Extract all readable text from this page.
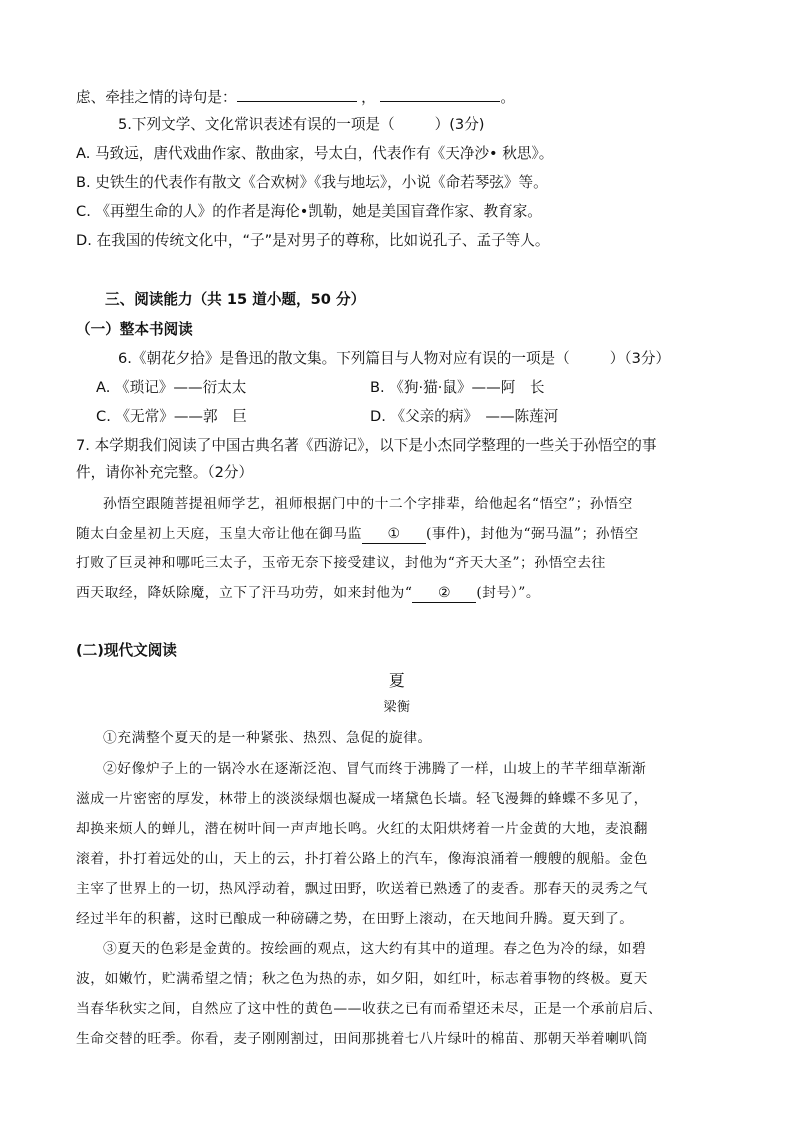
虑、牵挂之情的诗句是：	，	。
5.下列文学、文化常识表述有误的一项是（	）(3分)
A. 马致远，唐代戏曲作家、散曲家，号太白，代表作有《天净沙• 秋思》。
B. 史铁生的代表作有散文《合欢树》《我与地坛》，小说《命若琴弦》等。
C. 《再塑生命的人》的作者是海伦•凯勒，她是美国盲聋作家、教育家。
D. 在我国的传统文化中，“子”是对男子的尊称，比如说孔子、孟子等人。
三、阅读能力（共 15 道小题，50 分）
（一）整本书阅读
6.《朝花夕拾》是鲁迅的散文集。下列篇目与人物对应有误的一项是（	）（3分）
A. 《琐记》——衍太太	B. 《狗·猫·鼠》——阿　长
C. 《无常》——郭　巨	D. 《父亲的病》　——陈莲河
7. 本学期我们阅读了中国古典名著《西游记》，以下是小杰同学整理的一些关于孙悟空的事
件，请你补充完整。（2分）
孙悟空跟随菩提祖师学艺，祖师根据门中的十二个字排辈，给他起名“悟空”；孙悟空
随太白金星初上天庭，玉皇大帝让他在御马监 ① (事件)，封他为“弼马温”；孙悟空
打败了巨灵神和哪吒三太子，玉帝无奈下接受建议，封他为“齐天大圣”；孙悟空去往
西天取经，降妖除魔，立下了汗马功劳，如来封他为“ ② (封号）”。
(二)现代文阅读
夏
梁衡
①充满整个夏天的是一种紧张、热烈、急促的旋律。
②好像炉子上的一锅冷水在逐渐泛泡、冒气而终于沸腾了一样，山坡上的芊芊细草渐渐
滋成一片密密的厚发，林带上的淡淡绿烟也凝成一堵黛色长墙。轻飞漫舞的蜂蝶不多见了，
却换来烦人的蝉儿，潜在树叶间一声声地长鸣。火红的太阳烘烤着一片金黄的大地，麦浪翻
滚着，扑打着远处的山，天上的云，扑打着公路上的汽车，像海浪涌着一艘艘的舰船。金色
主宰了世界上的一切，热风浮动着，飘过田野，吹送着已熟透了的麦香。那春天的灵秀之气
经过半年的积蓄，这时已酿成一种磅礴之势，在田野上滚动，在天地间升腾。夏天到了。
③夏天的色彩是金黄的。按绘画的观点，这大约有其中的道理。春之色为冷的绿，如碧
波，如嫩竹，贮满希望之情；秋之色为热的赤，如夕阳，如红叶，标志着事物的终极。夏天
当春华秋实之间，自然应了这中性的黄色——收获之已有而希望还未尽，正是一个承前启后、
生命交替的旺季。你看，麦子刚刚割过，田间那挑着七八片绿叶的棉苗、那朝天举着喇叭筒
